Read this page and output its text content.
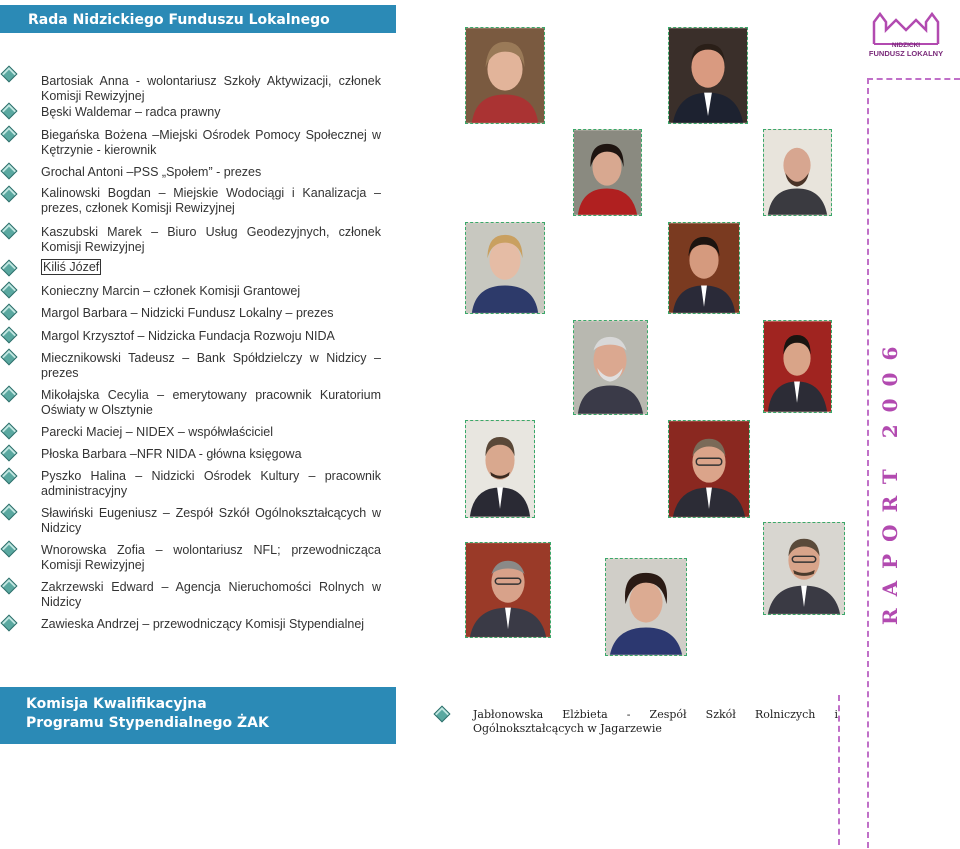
Rada Nidzickiego Funduszu Lokalnego
Bartosiak Anna - wolontariusz Szkoły Aktywizacji, członek Komisji Rewizyjnej
Bęski Waldemar – radca prawny
Biegańska Bożena –Miejski Ośrodek Pomocy Społecznej w Kętrzynie - kierownik
Grochal Antoni –PSS „Społem” - prezes
Kalinowski Bogdan – Miejskie Wodociągi i Kanalizacja – prezes, członek Komisji Rewizyjnej
Kaszubski Marek – Biuro Usług Geodezyjnych, członek Komisji Rewizyjnej
Kiliś Józef
Konieczny Marcin – członek Komisji Grantowej
Margol Barbara – Nidzicki Fundusz Lokalny – prezes
Margol Krzysztof – Nidzicka Fundacja Rozwoju NIDA
Miecznikowski Tadeusz – Bank Spółdzielczy w Nidzicy – prezes
Mikołajska Cecylia – emerytowany pracownik Kuratorium Oświaty w Olsztynie
Parecki Maciej – NIDEX – współwłaściciel
Płoska Barbara –NFR NIDA - główna księgowa
Pyszko Halina – Nidzicki Ośrodek Kultury – pracownik administracyjny
Sławiński Eugeniusz – Zespół Szkół Ogólnokształcących w Nidzicy
Wnorowska Zofia – wolontariusz NFL; przewodnicząca Komisji Rewizyjnej
Zakrzewski Edward – Agencja Nieruchomości Rolnych w Nidzicy
Zawieska Andrzej – przewodniczący Komisji Stypendialnej
NIDZICKI
FUNDUSZ LOKALNY
RAPORT 2006
Komisja Kwalifikacyjna
Programu Stypendialnego ŻAK
Jabłonowska Elżbieta - Zespół Szkół Rolniczych i Ogólnokształcących w Jagarzewie
